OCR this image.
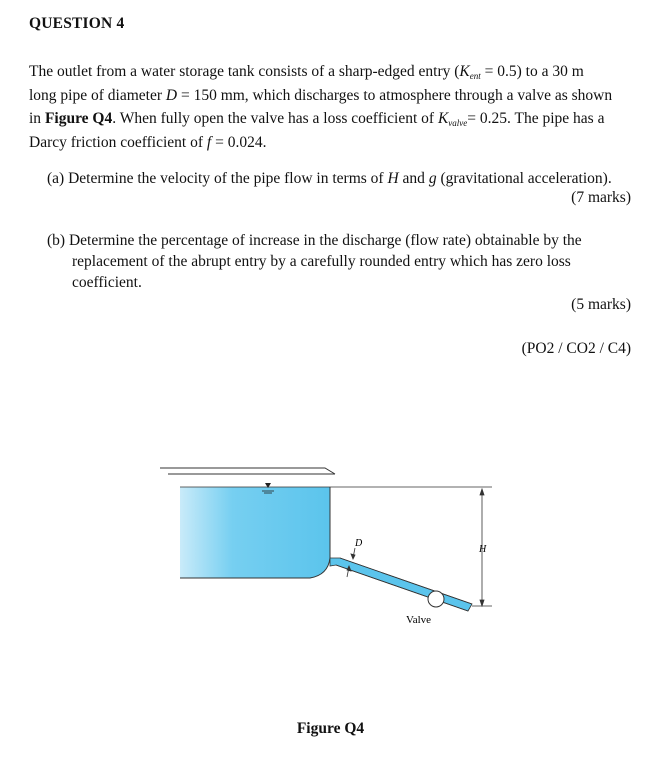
QUESTION 4
The outlet from a water storage tank consists of a sharp-edged entry $(K_{ent} = 0.5)$ to a 30 m
long pipe of diameter D = 150 mm, which discharges to atmosphere through a valve as shown
in Figure Q4. When fully open the valve has a loss coefficient of $K_{valve}= 0.25$. The pipe has a
Darcy friction coefficient of f = 0.024.
(a) Determine the velocity of the pipe flow in terms of H and g (gravitational acceleration).
(7 marks)
(b) Determine the percentage of increase in the discharge (flow rate) obtainable by the
replacement of the abrupt entry by a carefully rounded entry which has zero loss
coefficient.
(5 marks)
(PO2 / CO2 / C4)
D
Valve
H
Figure Q4
